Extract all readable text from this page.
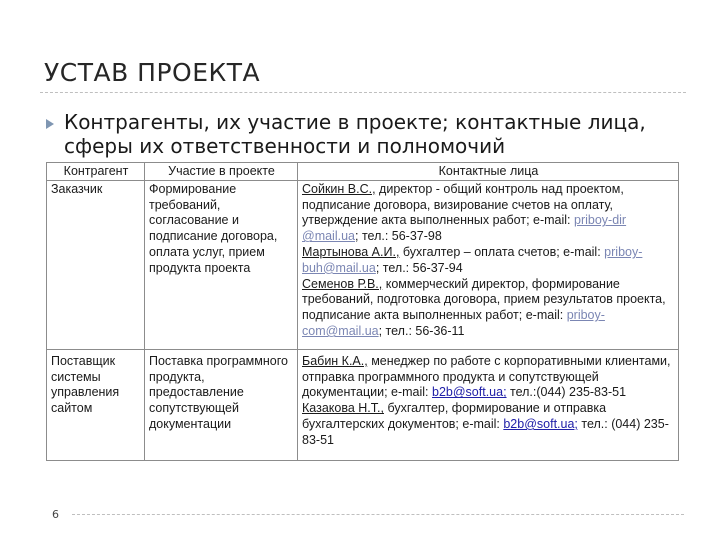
УСТАВ ПРОЕКТА
Контрагенты, их участие в проекте; контактные лица, сферы их ответственности и полномочий
Контрагент	Участие в проекте	Контактные лица
Заказчик	Формирование требований, согласование и подписание договора, оплата услуг, прием продукта проекта	Сойкин В.С., директор - общий контроль над проектом, подписание договора, визирование счетов на оплату, утверждение акта выполненных работ; e-mail: priboy-dir @mail.ua; тел.: 56-37-98
Мартынова А.И., бухгалтер – оплата счетов; e-mail: priboy-buh@mail.ua; тел.: 56-37-94
Семенов Р.В., коммерческий директор, формирование требований, подготовка договора, прием результатов проекта, подписание акта выполненных работ; e-mail: priboy-com@mail.ua; тел.: 56-36-11
Поставщик системы управления сайтом	Поставка программного продукта, предоставление сопутствующей документации	Бабин К.А., менеджер по работе с корпоративными клиентами, отправка программного продукта и сопутствующей документации; e-mail: b2b@soft.ua; тел.:(044) 235-83-51
Казакова Н.Т., бухгалтер, формирование и отправка бухгалтерских документов; e-mail: b2b@soft.ua; тел.: (044) 235-83-51
6
